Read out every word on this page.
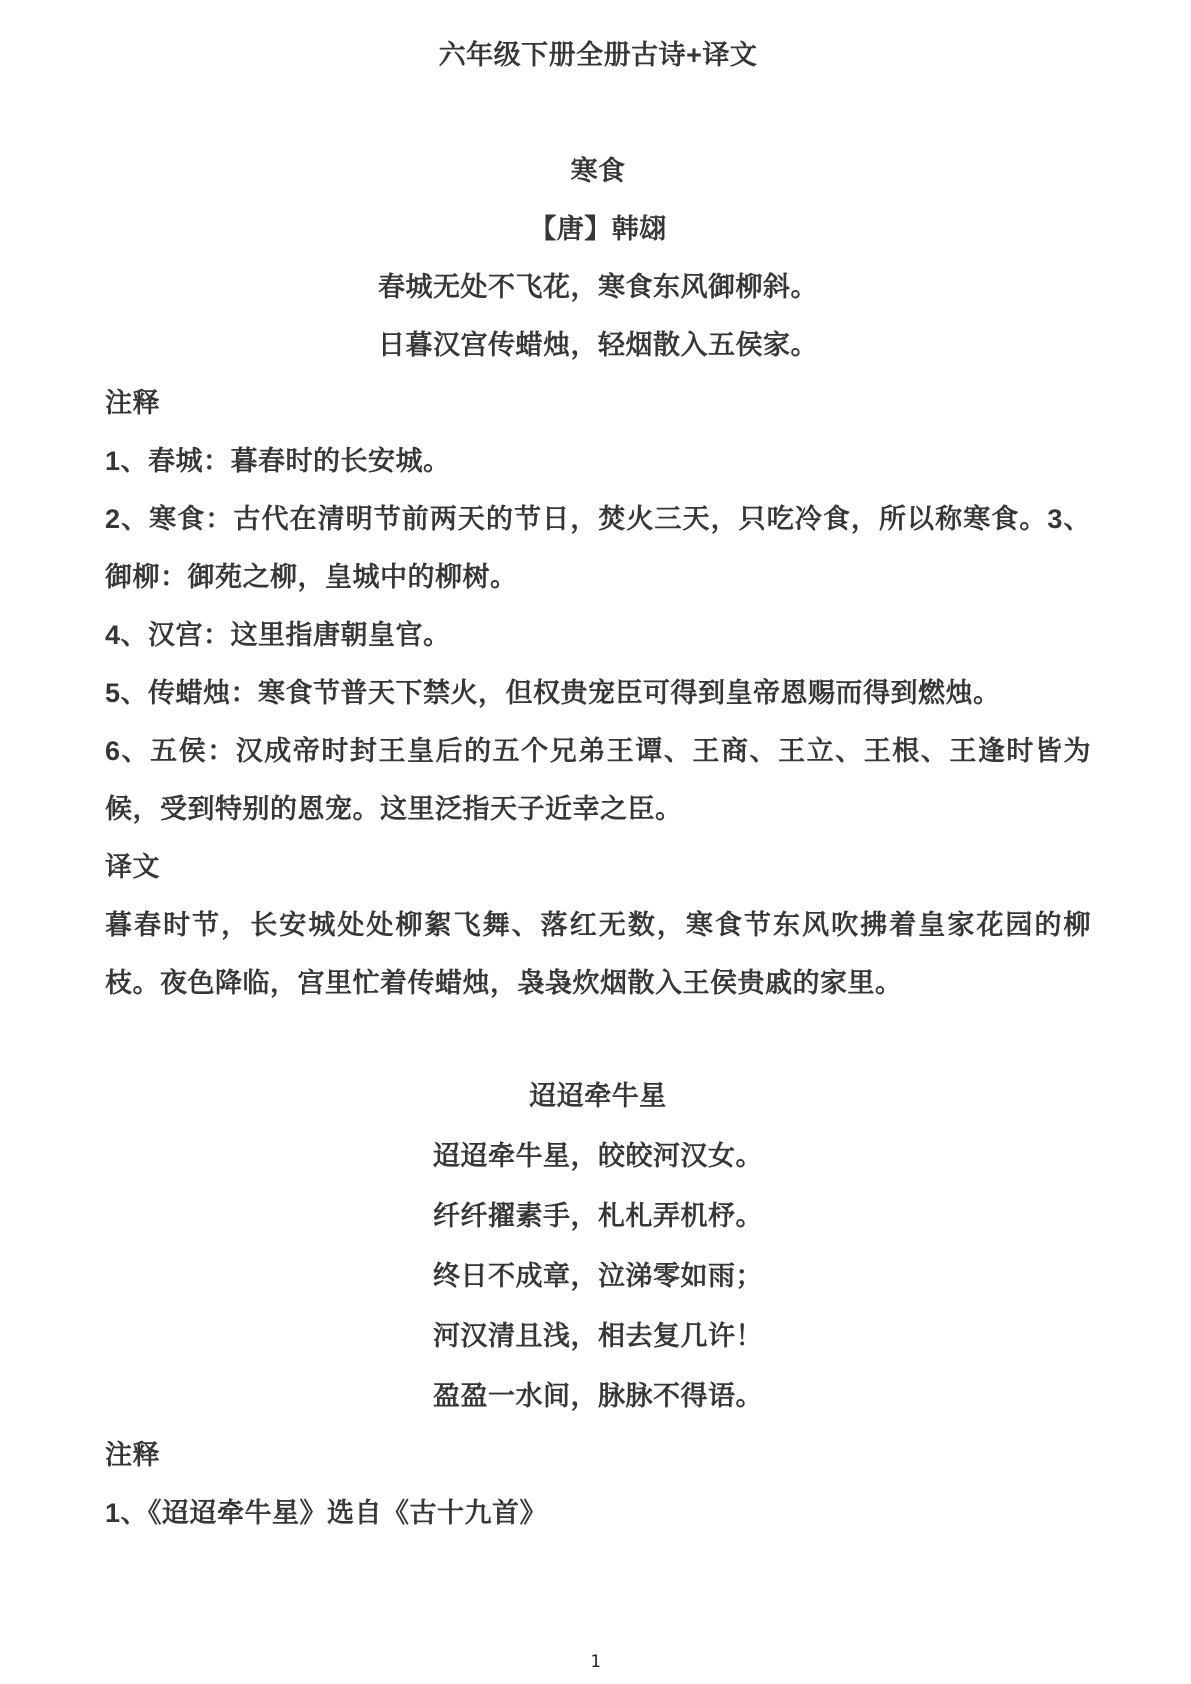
六年级下册全册古诗+译文
寒食

【唐】韩翃

春城无处不飞花，寒食东风御柳斜。

日暮汉宫传蜡烛，轻烟散入五侯家。

注释

1、春城：暮春时的长安城。

2、寒食：古代在清明节前两天的节日，焚火三天，只吃冷食，所以称寒食。3、御柳：御苑之柳，皇城中的柳树。

4、汉宫：这里指唐朝皇官。

5、传蜡烛：寒食节普天下禁火，但权贵宠臣可得到皇帝恩赐而得到燃烛。

6、五侯：汉成帝时封王皇后的五个兄弟王谭、王商、王立、王根、王逢时皆为候，受到特别的恩宠。这里泛指天子近幸之臣。

译文

暮春时节，长安城处处柳絮飞舞、落红无数，寒食节东风吹拂着皇家花园的柳枝。夜色降临，宫里忙着传蜡烛，袅袅炊烟散入王侯贵戚的家里。

迢迢牵牛星

迢迢牵牛星，皎皎河汉女。

纤纤擢素手，札札弄机杼。

终日不成章，泣涕零如雨；

河汉清且浅，相去复几许！

盈盈一水间，脉脉不得语。

注释

1、《迢迢牵牛星》选自《古十九首》

1
